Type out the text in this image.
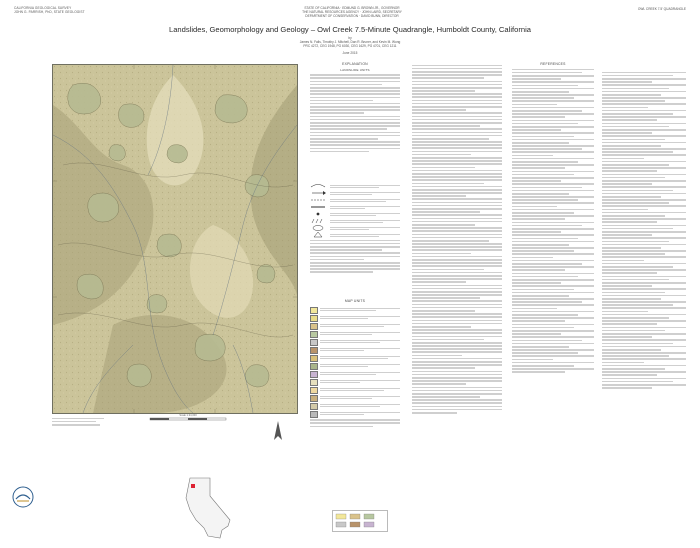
CALIFORNIA GEOLOGICAL SURVEY
JOHN G. PARRISH, PhD, STATE GEOLOGIST
STATE OF CALIFORNIA · EDMUND G. BROWN JR., GOVERNOR
THE NATURAL RESOURCES AGENCY · JOHN LAIRD, SECRETARY
DEPARTMENT OF CONSERVATION · DAVID BUNN, DIRECTOR
OWL CREEK 7.5' QUADRANGLE
Landslides, Geomorphology and Geology – Owl Creek 7.5-Minute Quadrangle, Humboldt County, California
by
James N. Falls, Timothy J. Mitchell, Dan R. Bruner, and Kevin M. Wong
PRC 4272, CEG 1948, PG 6030, CEG 1629, PG 4701, CEG 1211
June 2015
Scale 1:24,000
EXPLANATION
LANDSLIDE UNITS
MAP UNITS
REFERENCES
